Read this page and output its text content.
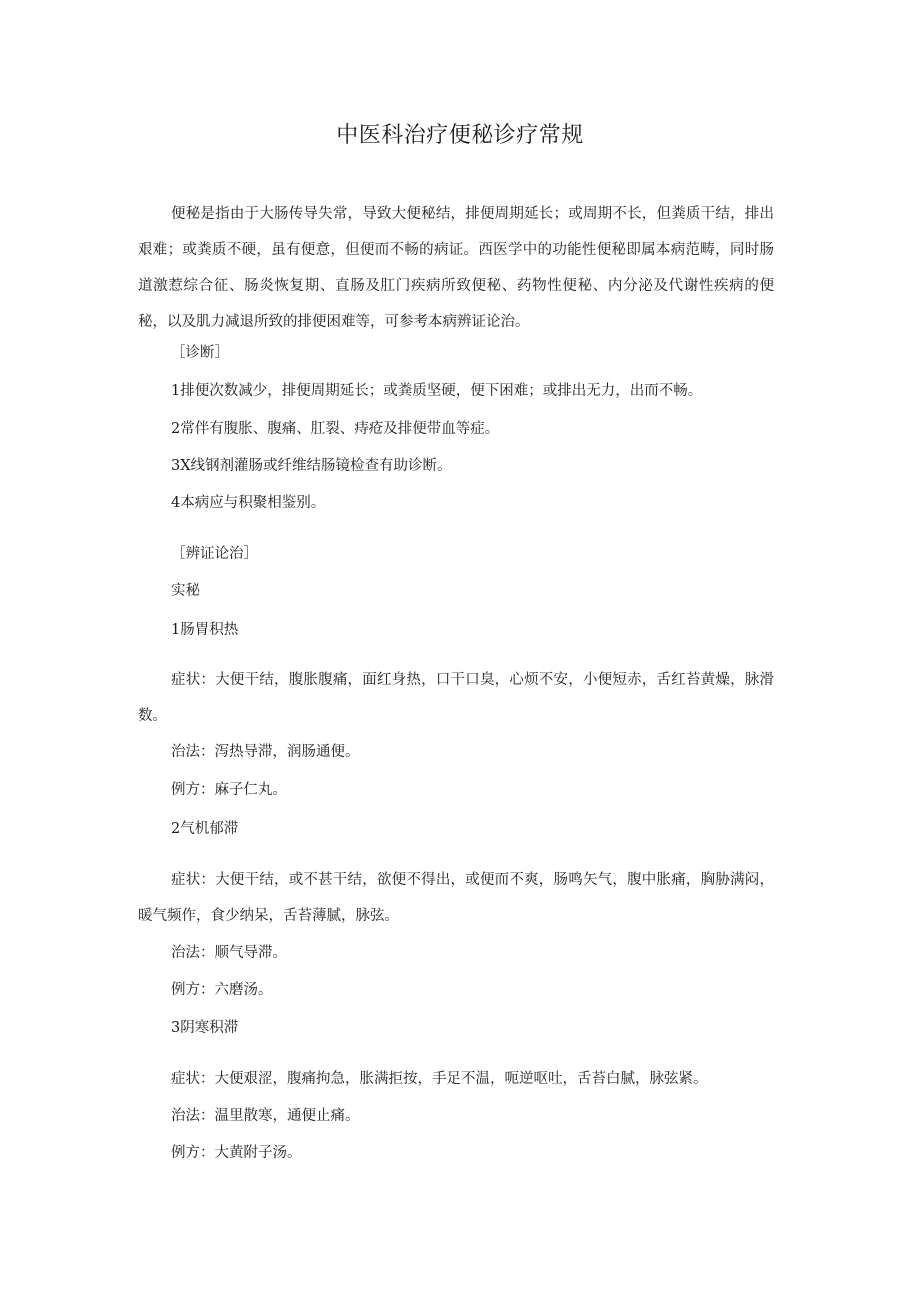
中医科治疗便秘诊疗常规
便秘是指由于大肠传导失常，导致大便秘结，排便周期延长；或周期不长，但粪质干结，排出艰难；或粪质不硬，虽有便意，但便而不畅的病证。西医学中的功能性便秘即属本病范畴，同时肠道激惹综合征、肠炎恢复期、直肠及肛门疾病所致便秘、药物性便秘、内分泌及代谢性疾病的便秘，以及肌力减退所致的排便困难等，可参考本病辨证论治。
［诊断］
1排便次数减少，排便周期延长；或粪质坚硬，便下困难；或排出无力，出而不畅。
2常伴有腹胀、腹痛、肛裂、痔疮及排便带血等症。
3X线钢剂灌肠或纤维结肠镜检查有助诊断。
4本病应与积聚相鉴别。
［辨证论治］
实秘
1肠胃积热
症状：大便干结，腹胀腹痛，面红身热，口干口臭，心烦不安，小便短赤，舌红苔黄燥，脉滑数。
治法：泻热导滞，润肠通便。
例方：麻子仁丸。
2气机郁滞
症状：大便干结，或不甚干结，欲便不得出，或便而不爽，肠鸣矢气，腹中胀痛，胸胁满闷，暖气频作，食少纳呆，舌苔薄腻，脉弦。
治法：顺气导滞。
例方：六磨汤。
3阴寒积滞
症状：大便艰涩，腹痛拘急，胀满拒按，手足不温，呃逆呕吐，舌苔白腻，脉弦紧。
治法：温里散寒，通便止痛。
例方：大黄附子汤。
